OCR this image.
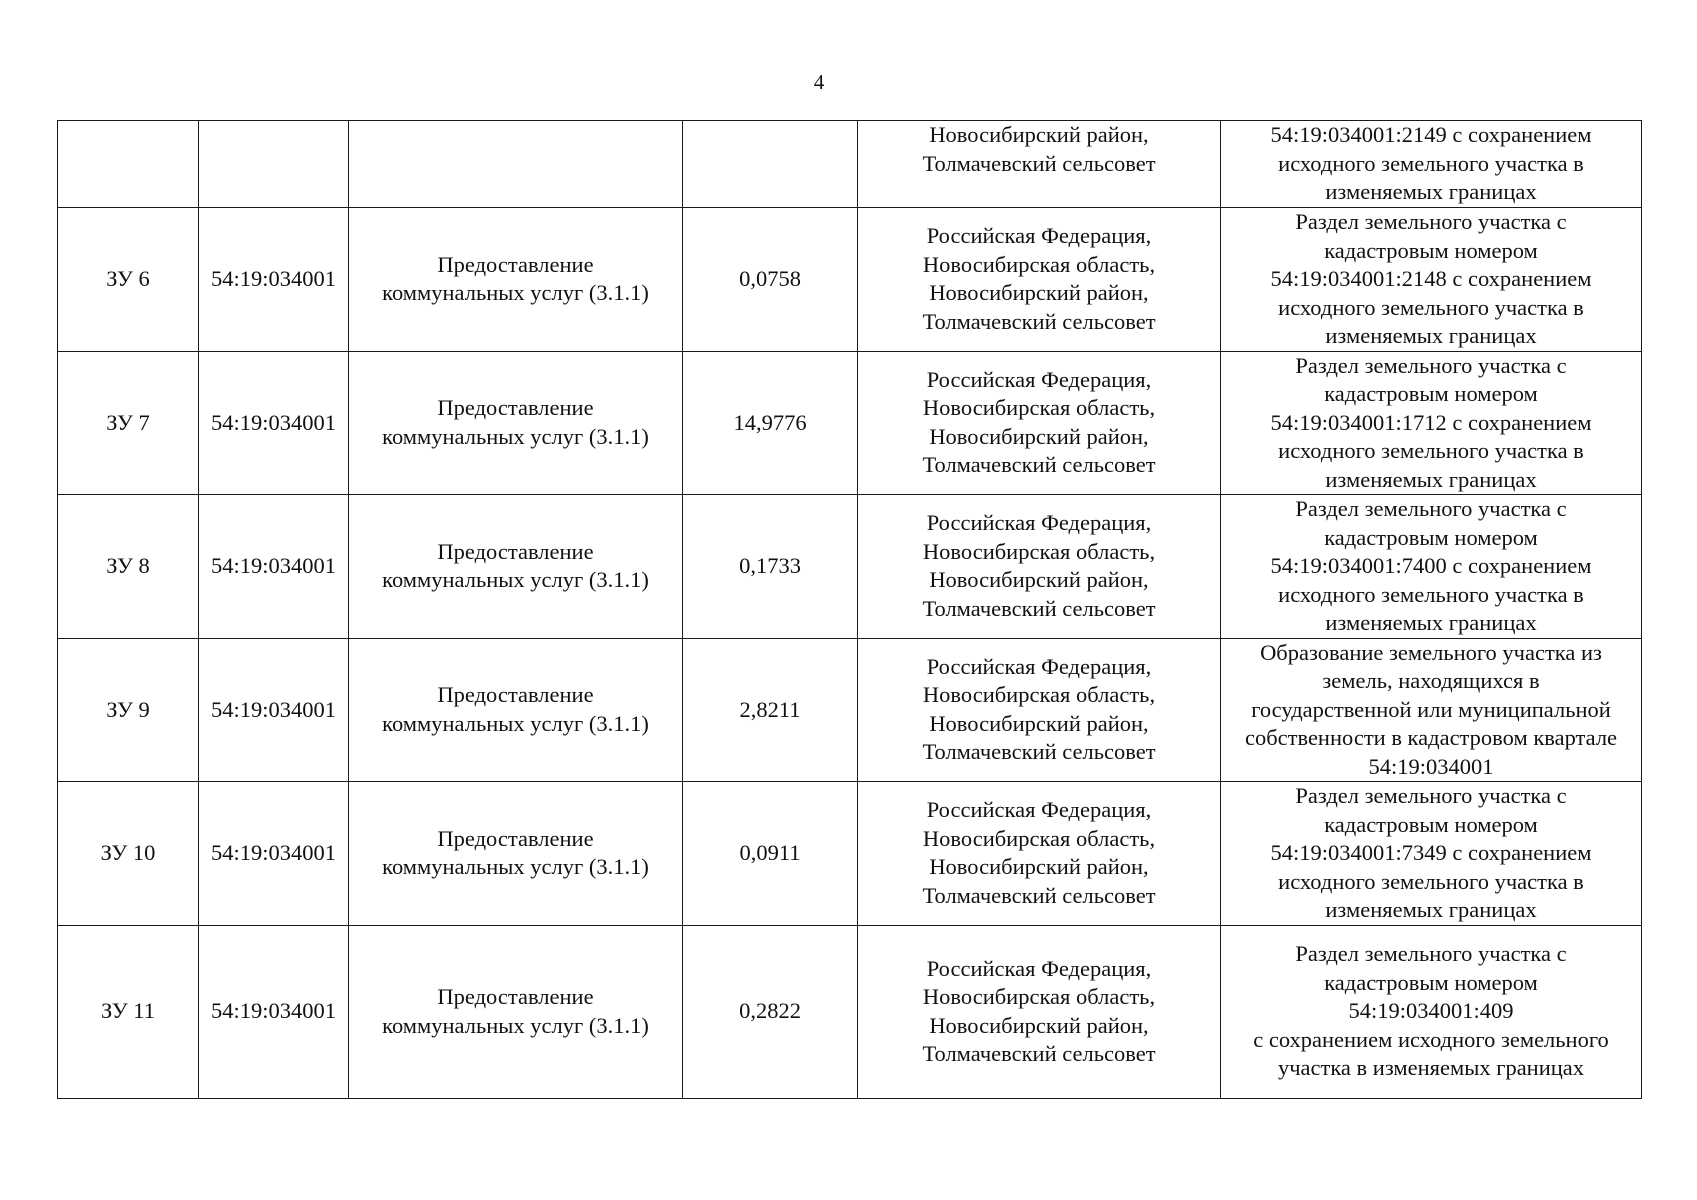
4
				Новосибирский район,
Толмачевский сельсовет	54:19:034001:2149 с сохранением
исходного земельного участка в
изменяемых границах
ЗУ 6	54:19:034001	Предоставление
коммунальных услуг (3.1.1)	0,0758	Российская Федерация,
Новосибирская область,
Новосибирский район,
Толмачевский сельсовет	Раздел земельного участка с
кадастровым номером
54:19:034001:2148 с сохранением
исходного земельного участка в
изменяемых границах
ЗУ 7	54:19:034001	Предоставление
коммунальных услуг (3.1.1)	14,9776	Российская Федерация,
Новосибирская область,
Новосибирский район,
Толмачевский сельсовет	Раздел земельного участка с
кадастровым номером
54:19:034001:1712 с сохранением
исходного земельного участка в
изменяемых границах
ЗУ 8	54:19:034001	Предоставление
коммунальных услуг (3.1.1)	0,1733	Российская Федерация,
Новосибирская область,
Новосибирский район,
Толмачевский сельсовет	Раздел земельного участка с
кадастровым номером
54:19:034001:7400 с сохранением
исходного земельного участка в
изменяемых границах
ЗУ 9	54:19:034001	Предоставление
коммунальных услуг (3.1.1)	2,8211	Российская Федерация,
Новосибирская область,
Новосибирский район,
Толмачевский сельсовет	Образование земельного участка из
земель, находящихся в
государственной или муниципальной
собственности в кадастровом квартале
54:19:034001
ЗУ 10	54:19:034001	Предоставление
коммунальных услуг (3.1.1)	0,0911	Российская Федерация,
Новосибирская область,
Новосибирский район,
Толмачевский сельсовет	Раздел земельного участка с
кадастровым номером
54:19:034001:7349 с сохранением
исходного земельного участка в
изменяемых границах
ЗУ 11	54:19:034001	Предоставление
коммунальных услуг (3.1.1)	0,2822	Российская Федерация,
Новосибирская область,
Новосибирский район,
Толмачевский сельсовет	Раздел земельного участка с
кадастровым номером
54:19:034001:409
с сохранением исходного земельного
участка в изменяемых границах
